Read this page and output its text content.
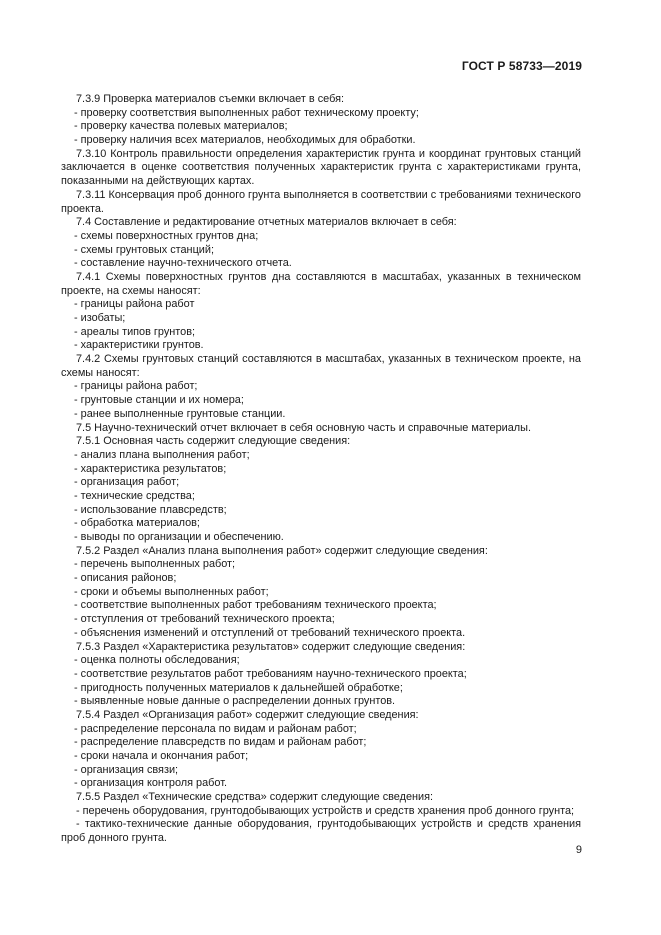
ГОСТ Р 58733—2019

7.3.9 Проверка материалов съемки включает в себя:

- проверку соответствия выполненных работ техническому проекту;

- проверку качества полевых материалов;

- проверку наличия всех материалов, необходимых для обработки.

7.3.10 Контроль правильности определения характеристик грунта и координат грунтовых станций заключается в оценке соответствия полученных характеристик грунта с характеристиками грунта, показанными на действующих картах.

7.3.11 Консервация проб донного грунта выполняется в соответствии с требованиями технического проекта.

7.4 Составление и редактирование отчетных материалов включает в себя:

- схемы поверхностных грунтов дна;

- схемы грунтовых станций;

- составление научно-технического отчета.

7.4.1 Схемы поверхностных грунтов дна составляются в масштабах, указанных в техническом проекте, на схемы наносят:

- границы района работ

- изобаты;

- ареалы типов грунтов;

- характеристики грунтов.

7.4.2 Схемы грунтовых станций составляются в масштабах, указанных в техническом проекте, на схемы наносят:

- границы района работ;

- грунтовые станции и их номера;

- ранее выполненные грунтовые станции.

7.5 Научно-технический отчет включает в себя основную часть и справочные материалы.

7.5.1 Основная часть содержит следующие сведения:

- анализ плана выполнения работ;

- характеристика результатов;

- организация работ;

- технические средства;

- использование плавсредств;

- обработка материалов;

- выводы по организации и обеспечению.

7.5.2 Раздел «Анализ плана выполнения работ» содержит следующие сведения:

- перечень выполненных работ;

- описания районов;

- сроки и объемы выполненных работ;

- соответствие выполненных работ требованиям технического проекта;

- отступления от требований технического проекта;

- объяснения изменений и отступлений от требований технического проекта.

7.5.3 Раздел «Характеристика результатов» содержит следующие сведения:

- оценка полноты обследования;

- соответствие результатов работ требованиям научно-технического проекта;

- пригодность полученных материалов к дальнейшей обработке;

- выявленные новые данные о распределении донных грунтов.

7.5.4 Раздел «Организация работ» содержит следующие сведения:

- распределение персонала по видам и районам работ;

- распределение плавсредств по видам и районам работ;

- сроки начала и окончания работ;

- организация связи;

- организация контроля работ.

7.5.5 Раздел «Технические средства» содержит следующие сведения:

- перечень оборудования, грунтодобывающих устройств и средств хранения проб донного грунта;

- тактико-технические данные оборудования, грунтодобывающих устройств и средств хранения проб донного грунта.

9
